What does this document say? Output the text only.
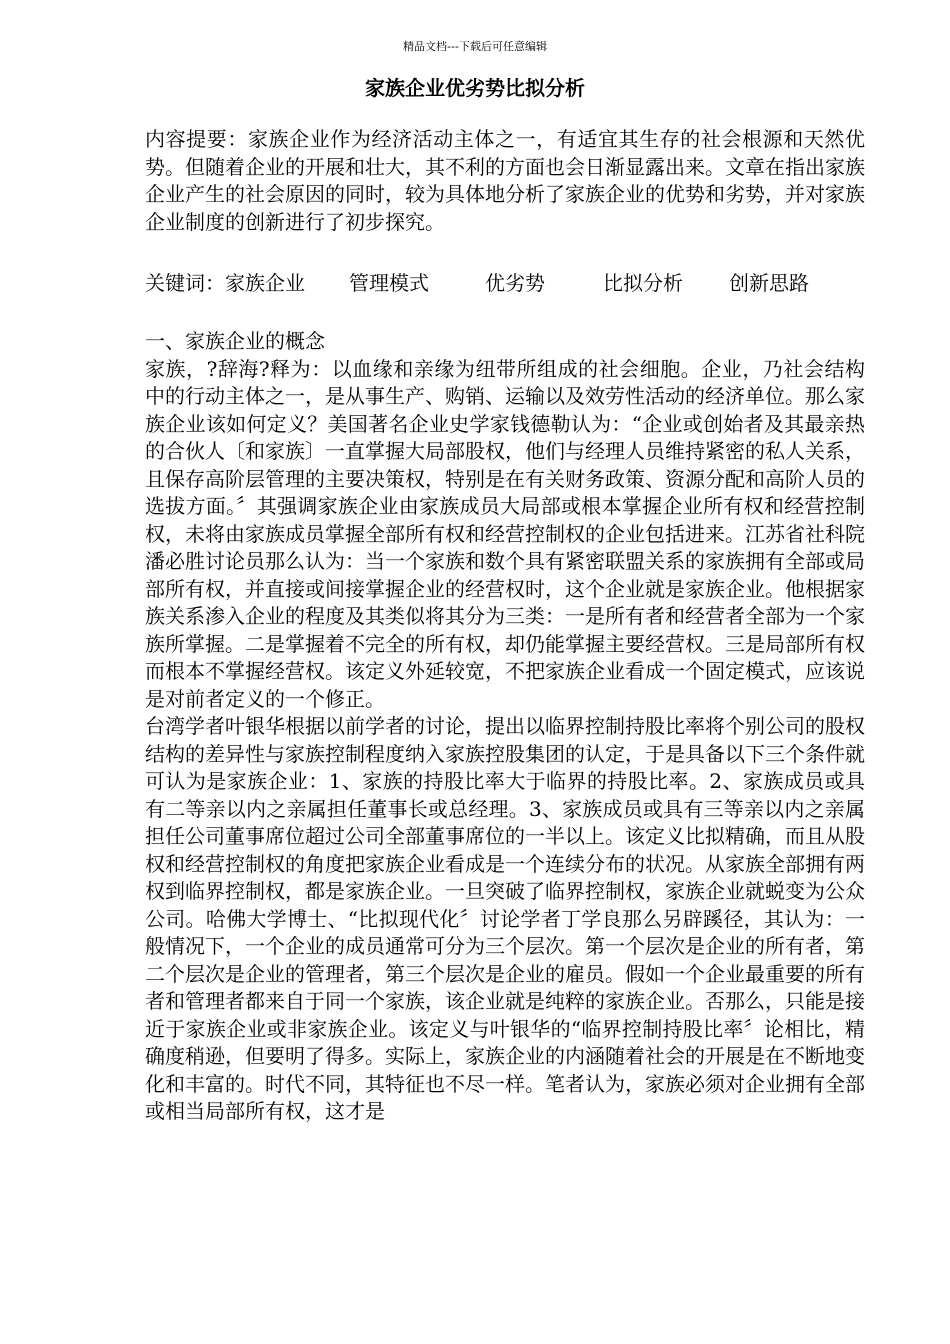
精品文档---下载后可任意编辑
家族企业优劣势比拟分析
内容提要：家族企业作为经济活动主体之一，有适宜其生存的社会根源和天然优势。但随着企业的开展和壮大，其不利的方面也会日渐显露出来。文章在指出家族企业产生的社会原因的同时，较为具体地分析了家族企业的优势和劣势，并对家族企业制度的创新进行了初步探究。
关键词：家族企业 管理模式	优劣势	比拟分析 创新思路

一、家族企业的概念

家族，?辞海?释为：以血缘和亲缘为纽带所组成的社会细胞。企业，乃社会结构中的行动主体之一，是从事生产、购销、运输以及效劳性活动的经济单位。那么家族企业该如何定义？美国著名企业史学家钱德勒认为：“企业或创始者及其最亲热的合伙人〔和家族〕一直掌握大局部股权，他们与经理人员维持紧密的私人关系，且保存高阶层管理的主要决策权，特别是在有关财务政策、资源分配和高阶人员的选拔方面。〞其强调家族企业由家族成员大局部或根本掌握企业所有权和经营控制权，未将由家族成员掌握全部所有权和经营控制权的企业包括进来。江苏省社科院潘必胜讨论员那么认为：当一个家族和数个具有紧密联盟关系的家族拥有全部或局部所有权，并直接或间接掌握企业的经营权时，这个企业就是家族企业。他根据家族关系渗入企业的程度及其类似将其分为三类：一是所有者和经营者全部为一个家族所掌握。二是掌握着不完全的所有权，却仍能掌握主要经营权。三是局部所有权而根本不掌握经营权。该定义外延较宽，不把家族企业看成一个固定模式，应该说是对前者定义的一个修正。

台湾学者叶银华根据以前学者的讨论，提出以临界控制持股比率将个别公司的股权结构的差异性与家族控制程度纳入家族控股集团的认定，于是具备以下三个条件就可认为是家族企业：1、家族的持股比率大于临界的持股比率。2、家族成员或具有二等亲以内之亲属担任董事长或总经理。3、家族成员或具有三等亲以内之亲属担任公司董事席位超过公司全部董事席位的一半以上。该定义比拟精确，而且从股权和经营控制权的角度把家族企业看成是一个连续分布的状况。从家族全部拥有两权到临界控制权，都是家族企业。一旦突破了临界控制权，家族企业就蜕变为公众公司。哈佛大学博士、“比拟现代化〞讨论学者丁学良那么另辟蹊径，其认为：一般情况下，一个企业的成员通常可分为三个层次。第一个层次是企业的所有者，第二个层次是企业的管理者，第三个层次是企业的雇员。假如一个企业最重要的所有者和管理者都来自于同一个家族，该企业就是纯粹的家族企业。否那么，只能是接近于家族企业或非家族企业。该定义与叶银华的“临界控制持股比率〞论相比，精确度稍逊，但要明了得多。实际上，家族企业的内涵随着社会的开展是在不断地变化和丰富的。时代不同，其特征也不尽一样。笔者认为，家族必须对企业拥有全部或相当局部所有权，这才是
